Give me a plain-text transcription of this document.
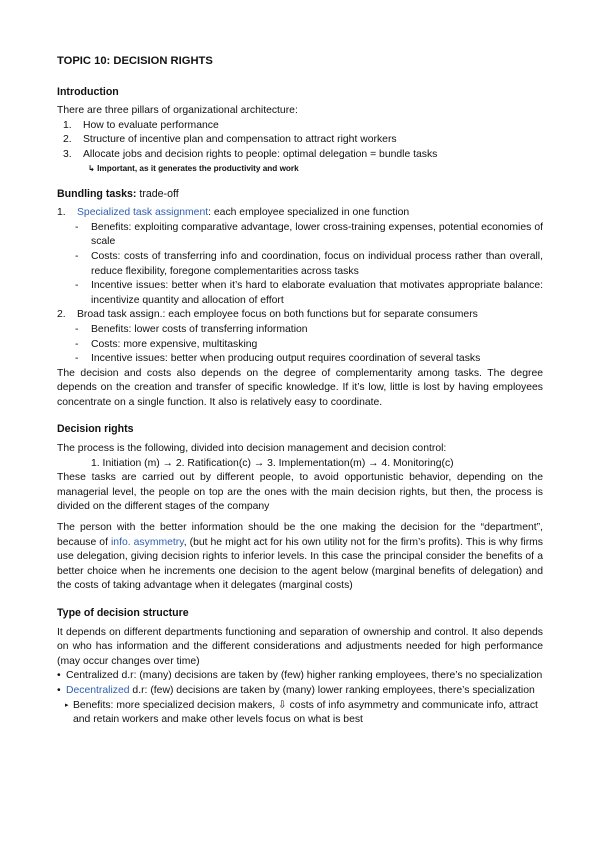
TOPIC 10: DECISION RIGHTS
Introduction

There are three pillars of organizational architecture:

1.	How to evaluate performance
2.	Structure of incentive plan and compensation to attract right workers
3.	Allocate jobs and decision rights to people: optimal delegation = bundle tasks
↳ Important, as it generates the productivity and work
Bundling tasks: trade-off
1.	Specialized task assignment: each employee specialized in one function
-	Benefits: exploiting comparative advantage, lower cross-training expenses, potential economies of scale
-	Costs: costs of transferring info and coordination, focus on individual process rather than overall, reduce flexibility, foregone complementarities across tasks
-	Incentive issues: better when it’s hard to elaborate evaluation that motivates appropriate balance: incentivize quantity and allocation of effort
2.	Broad task assign.: each employee focus on both functions but for separate consumers
-	Benefits: lower costs of transferring information
-	Costs: more expensive, multitasking
-	Incentive issues: better when producing output requires coordination of several tasks

The decision and costs also depends on the degree of complementarity among tasks. The degree depends on the creation and transfer of specific knowledge. If it’s low, little is lost by having employees concentrate on a single function. It also is relatively easy to coordinate.

Decision rights

The process is the following, divided into decision management and decision control:

1. Initiation (m) → 2. Ratification(c) → 3. Implementation(m) → 4. Monitoring(c)

These tasks are carried out by different people, to avoid opportunistic behavior, depending on the managerial level, the people on top are the ones with the main decision rights, but then, the process is divided on the different stages of the company

The person with the better information should be the one making the decision for the “department”, because of info. asymmetry, (but he might act for his own utility not for the firm’s profits). This is why firms use delegation, giving decision rights to inferior levels. In this case the principal consider the benefits of a better choice when he increments one decision to the agent below (marginal benefits of delegation) and the costs of taking advantage when it delegates (marginal costs)

Type of decision structure

It depends on different departments functioning and separation of ownership and control. It also depends on who has information and the different considerations and adjustments needed for high performance (may occur changes over time)

• Centralized d.r: (many) decisions are taken by (few) higher ranking employees, there’s no specialization
• Decentralized d.r: (few) decisions are taken by (many) lower ranking employees, there’s specialization
▸ Benefits: more specialized decision makers, ⇩ costs of info asymmetry and communicate info, attract and retain workers and make other levels focus on what is best
